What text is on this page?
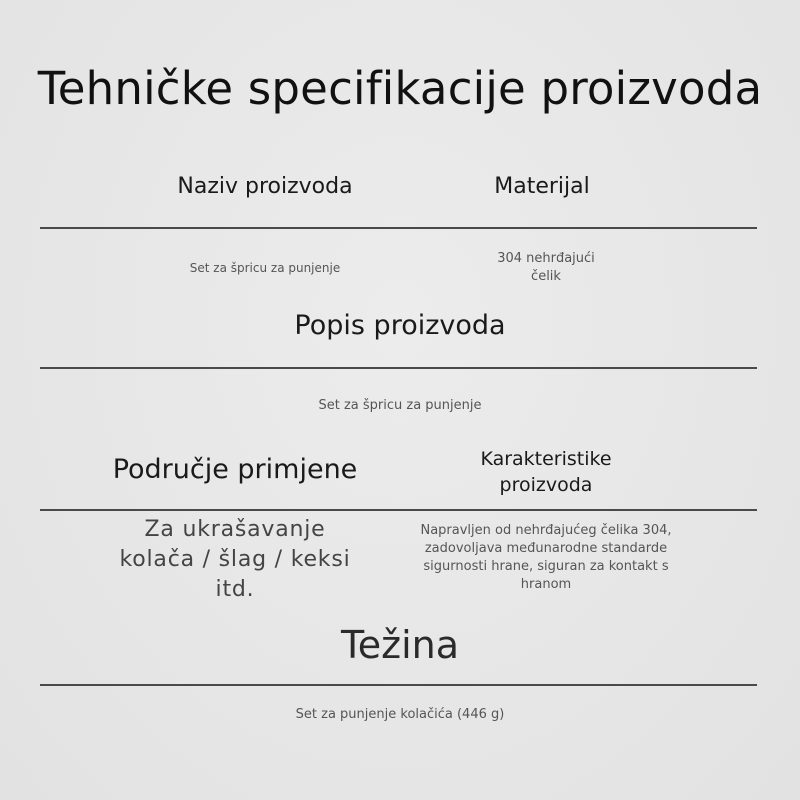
Tehničke specifikacije proizvoda
Naziv proizvoda	Materijal
Set za špricu za punjenje
304 nehrđajući
čelik
Popis proizvoda
Set za špricu za punjenje
Područje primjene	Karakteristike
proizvoda
Za ukrašavanje
kolača / šlag / keksi
itd.
Napravljen od nehrđajućeg čelika 304,
zadovoljava međunarodne standarde
sigurnosti hrane, siguran za kontakt s
hranom
Težina
Set za punjenje kolačića (446 g)
